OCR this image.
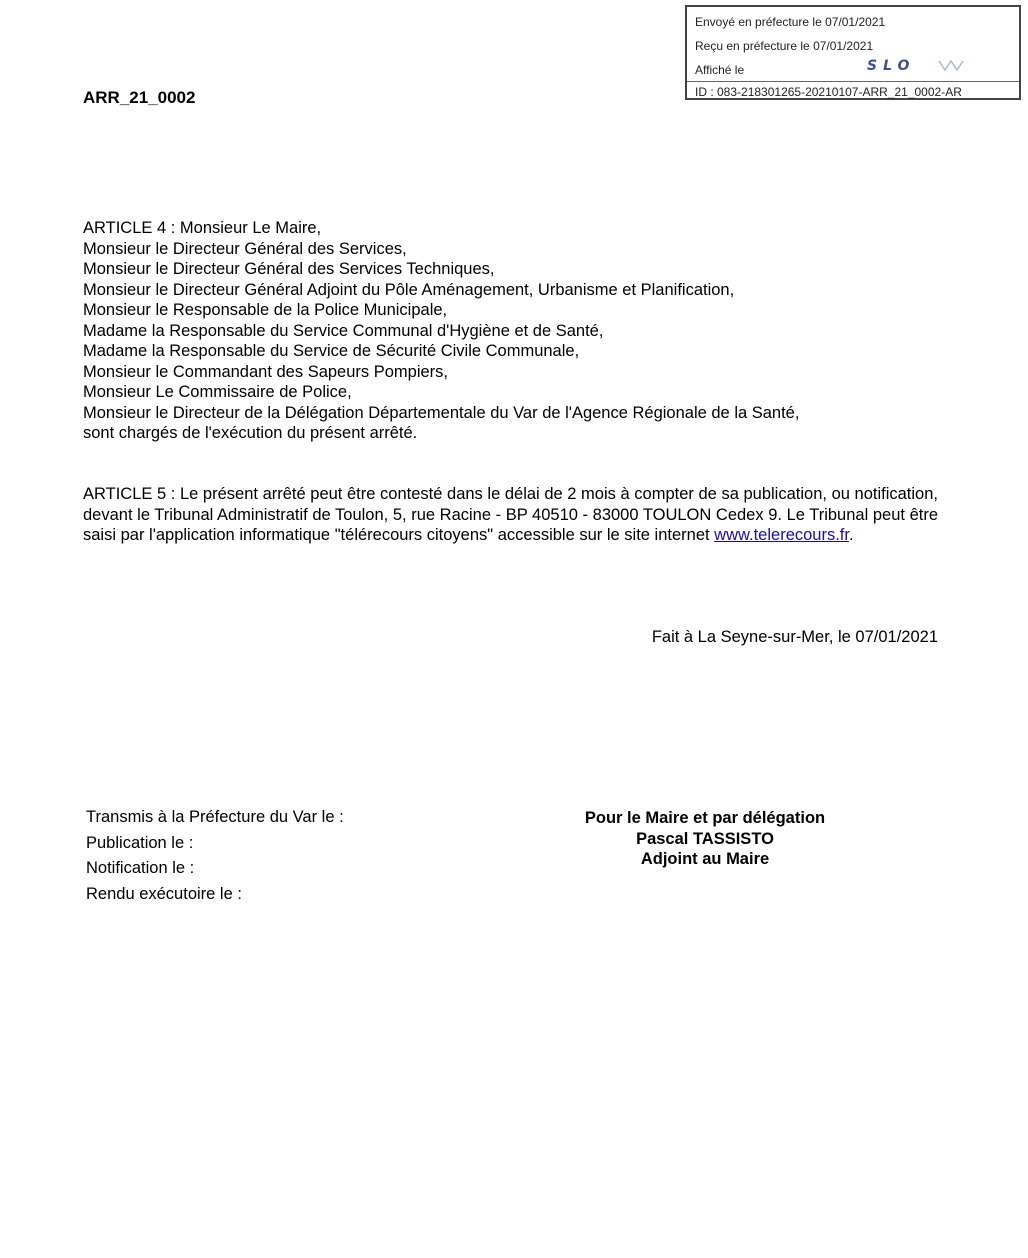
Envoyé en préfecture le 07/01/2021
Reçu en préfecture le 07/01/2021
Affiché le	SLO
ID : 083-218301265-20210107-ARR_21_0002-AR
ARR_21_0002
ARTICLE 4 : Monsieur Le Maire,
Monsieur le Directeur Général des Services,
Monsieur le Directeur Général des Services Techniques,
Monsieur le Directeur Général Adjoint du Pôle Aménagement, Urbanisme et Planification,
Monsieur le Responsable de la Police Municipale,
Madame la Responsable du Service Communal d'Hygiène et de Santé,
Madame la Responsable du Service de Sécurité Civile Communale,
Monsieur le Commandant des Sapeurs Pompiers,
Monsieur Le Commissaire de Police,
Monsieur le Directeur de la Délégation Départementale du Var de l'Agence Régionale de la Santé,
sont chargés de l'exécution du présent arrêté.
ARTICLE 5 : Le présent arrêté peut être contesté dans le délai de 2 mois à compter de sa publication, ou notification, devant le Tribunal Administratif de Toulon, 5, rue Racine - BP 40510 - 83000 TOULON Cedex 9. Le Tribunal peut être saisi par l'application informatique "télérecours citoyens" accessible sur le site internet www.telerecours.fr.
Fait à La Seyne-sur-Mer, le 07/01/2021
Transmis à la Préfecture du Var le :
Publication le :
Notification le :
Rendu exécutoire le :
Pour le Maire et par délégation
Pascal TASSISTO
Adjoint au Maire
